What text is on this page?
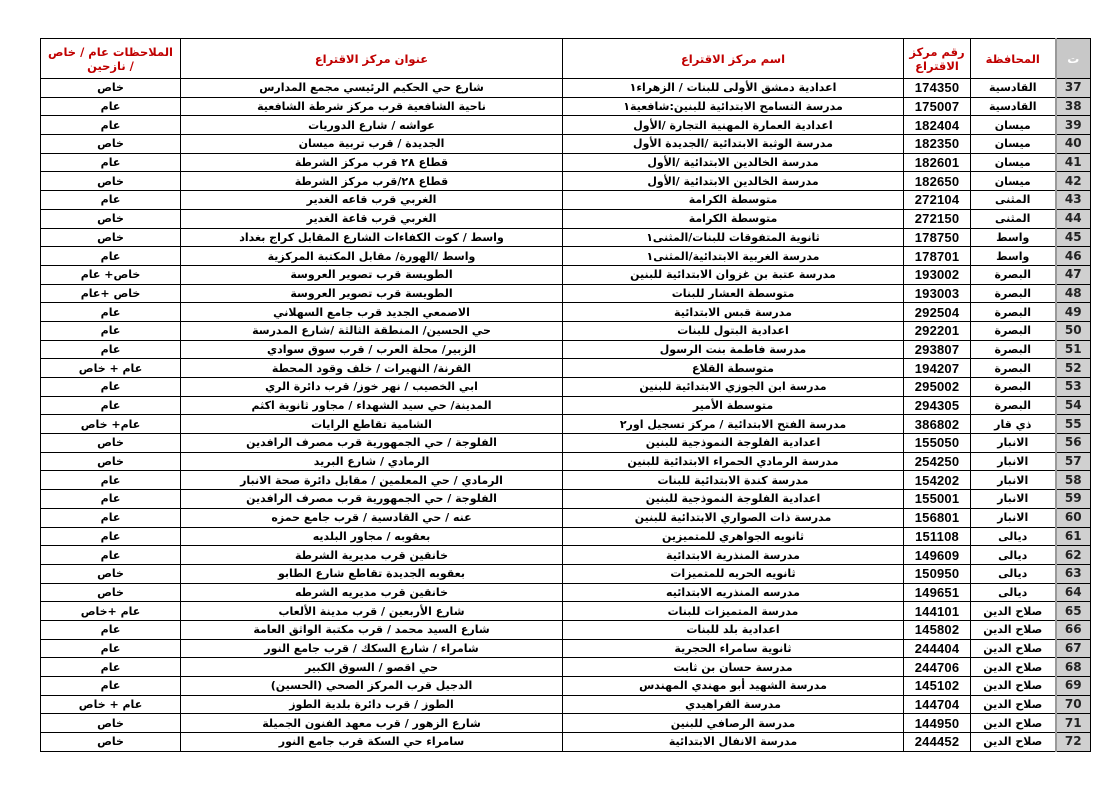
ت	المحافظة	رقم مركز الاقتراع	اسم مركز الاقتراع	عنوان مركز الاقتراع	الملاحظات عام / خاص / نازحين
37	القادسية	174350	اعدادية دمشق الأولى للبنات / الزهراء١	شارع حي الحكيم الرئيسي مجمع المدارس	خاص
38	القادسية	175007	مدرسة التسامح الابتدائية للبنين:شافعية١	ناحية الشافعية قرب مركز شرطة الشافعية	عام
39	ميسان	182404	اعدادية العمارة المهنية التجارة /الأول	عواشه / شارع الدوريات	عام
40	ميسان	182350	مدرسة الوثبة الابتدائية /الجديدة الأول	الجديدة / قرب تربية ميسان	خاص
41	ميسان	182601	مدرسة الخالدين الابتدائية /الأول	قطاع ٢٨ قرب مركز الشرطة	عام
42	ميسان	182650	مدرسة الخالدين الابتدائية /الأول	قطاع ٢٨/قرب مركز الشرطة	خاص
43	المثنى	272104	متوسطة الكرامة	الغربي قرب قاعه الغدير	عام
44	المثنى	272150	متوسطة الكرامة	الغربي قرب قاعة الغدير	خاص
45	واسط	178750	ثانوية المتفوقات للبنات/المثنى١	واسط / كوت الكفاءات الشارع المقابل كراج بغداد	خاص
46	واسط	178701	مدرسة الغربية الابتدائية/المثنى١	واسط /الهورة/ مقابل المكتبة المركزية	عام
47	البصرة	193002	مدرسة عتبة بن غزوان الابتدائية للبنين	الطويسة قرب تصوير العروسة	خاص+ عام
48	البصرة	193003	متوسطة العشار للبنات	الطويسة قرب تصوير العروسة	خاص +عام
49	البصرة	292504	مدرسة قبس الابتدائية	الاصمعي الجديد قرب جامع السهلاني	عام
50	البصرة	292201	اعدادية البتول للبنات	حي الحسين/ المنطقة الثالثة /شارع المدرسة	عام
51	البصرة	293807	مدرسة فاطمة بنت الرسول	الزبير/ محلة العرب / قرب سوق سوادي	عام
52	البصرة	194207	متوسطة القلاع	القرنة/ النهيرات / خلف وقود المحطة	عام + خاص
53	البصرة	295002	مدرسة ابن الجوزي الابتدائية للبنين	ابي الخصيب / نهر خوز/ قرب دائرة الري	عام
54	البصرة	294305	متوسطة الأمير	المدينة/ حي سيد الشهداء / مجاور ثانوية اكثم	عام
55	ذي قار	386802	مدرسة الفتح الابتدائية / مركز تسجيل اور٢	الشامية تقاطع الرايات	عام+ خاص
56	الانبار	155050	اعدادية الفلوجة النموذجية للبنين	الفلوجة / حي الجمهورية قرب مصرف الرافدين	خاص
57	الانبار	254250	مدرسة الرمادي الحمراء الابتدائية للبنين	الرمادي / شارع البريد	خاص
58	الانبار	154202	مدرسة كندة الابتدائية للبنات	الرمادي / حي المعلمين / مقابل دائرة صحة الانبار	عام
59	الانبار	155001	اعدادية الفلوجة النموذجية للبنين	الفلوجة / حي الجمهورية قرب مصرف الرافدين	عام
60	الانبار	156801	مدرسة ذات الصواري الابتدائية للبنين	عنه / حي القادسية / قرب جامع حمزه	عام
61	ديالى	151108	ثانويه الجواهري للمتميزين	بعقوبه / مجاور البلديه	عام
62	ديالى	149609	مدرسة المنذرية الابتدائية	خانقين قرب مديرية الشرطة	عام
63	ديالى	150950	ثانويه الحريه للمتميزات	بعقوبه الجديدة تقاطع شارع الطابو	خاص
64	ديالى	149651	مدرسه المنذريه الابتدائيه	خانقين قرب مديريه الشرطه	خاص
65	صلاح الدين	144101	مدرسة المتميزات للبنات	شارع الأربعين / قرب مدينة الألعاب	عام +خاص
66	صلاح الدين	145802	اعدادية بلد للبنات	شارع السيد محمد / قرب مكتبة الواثق العامة	عام
67	صلاح الدين	244404	ثانوية سامراء الحجرية	شامراء / شارع السكك / قرب جامع النور	عام
68	صلاح الدين	244706	مدرسة حسان بن ثابت	حي اقصو / السوق الكبير	عام
69	صلاح الدين	145102	مدرسة الشهيد أبو مهندي المهندس	الدجيل قرب المركز الصحي (الحسين)	عام
70	صلاح الدين	144704	مدرسة الفراهيدي	الطوز / قرب دائرة بلدية الطوز	عام + خاص
71	صلاح الدين	144950	مدرسة الرصافي للبنين	شارع الزهور / قرب معهد الفنون الجميلة	خاص
72	صلاح الدين	244452	مدرسة الانفال الابتدائية	سامراء حي السكة قرب جامع النور	خاص
